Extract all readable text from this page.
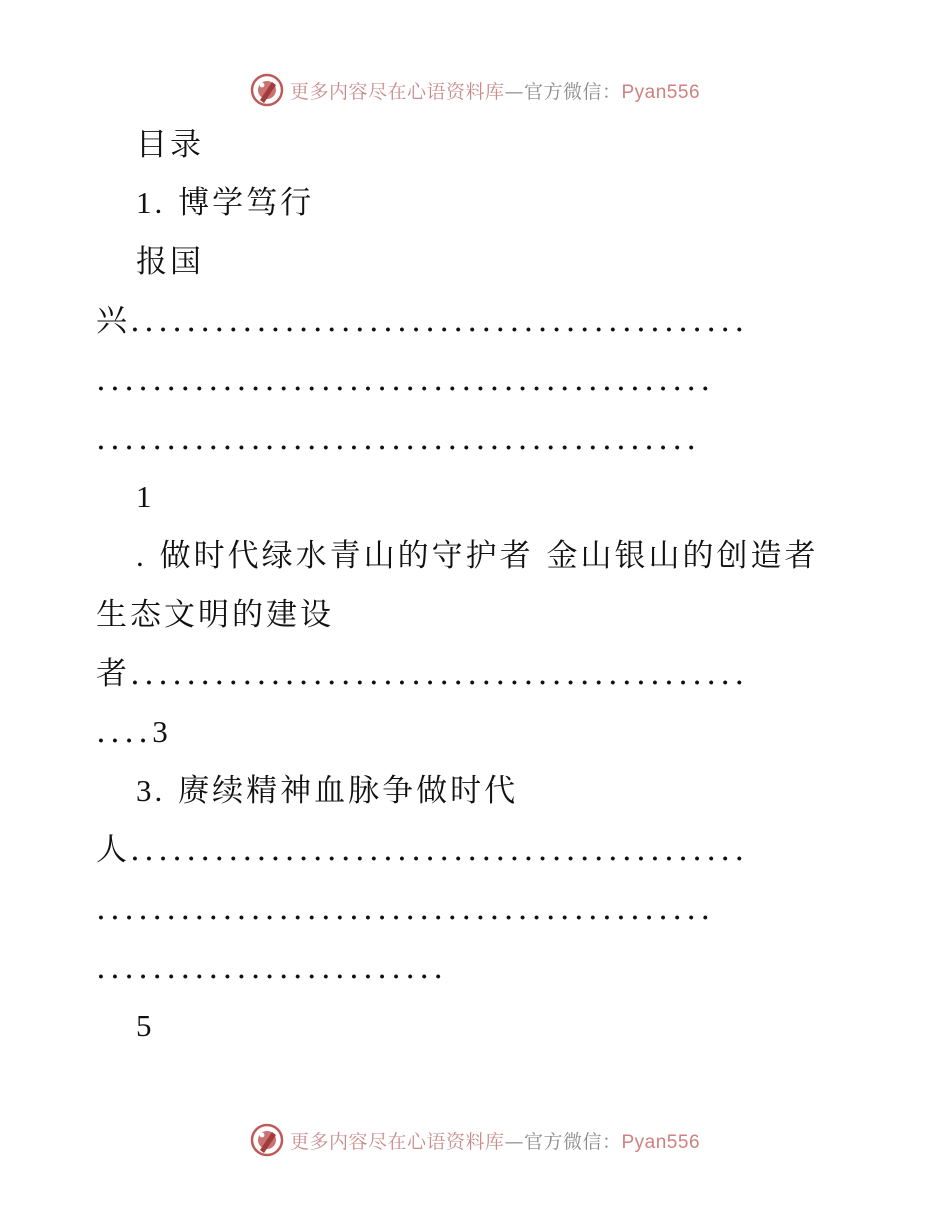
更多内容尽在心语资料库—官方微信：Pyan556
目录
1. 博学笃行
报国
兴............................................
............................................
...........................................
1
. 做时代绿水青山的守护者 金山银山的创造者
生态文明的建设
者............................................
....3
3. 赓续精神血脉争做时代
人............................................
............................................
.........................
5
更多内容尽在心语资料库—官方微信：Pyan556
